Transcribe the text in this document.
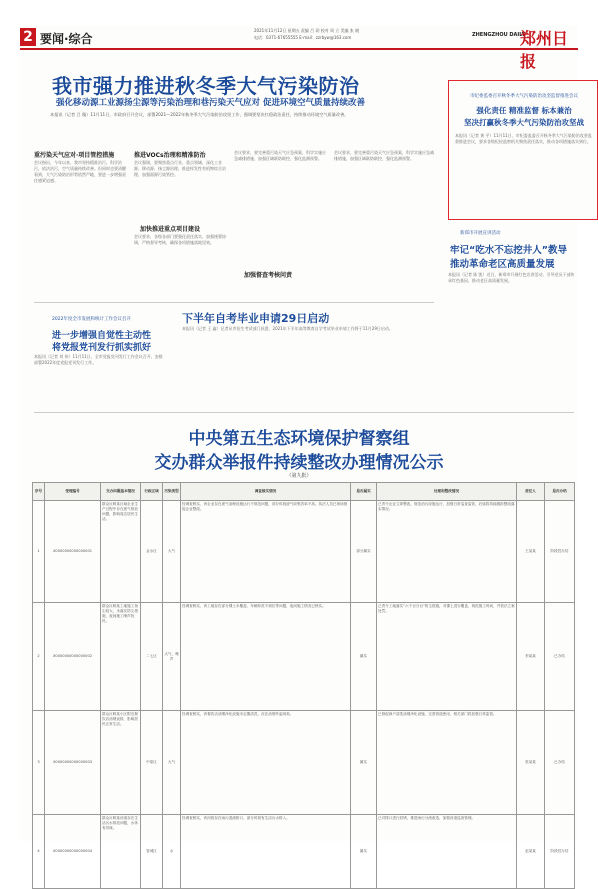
2 要闻·综合
2021年11月12日 星期五 责编 吕 玥 校对 周 立 美编 张 晓
电话：0371-67655555 E-mail：zzrbyw@163.com	ZHENGZHOU DAILY
郑州日报
我市强力推进秋冬季大气污染防治
强化移动源工业源扬尘源等污染治理和巷污染天气应对 促进环境空气质量持续改善
本报讯（记者 吕 璇）11月11日，市政府召开会议，部署2021—2022年秋冬季大气污染防治攻坚工作，强调要坚决扛稳政治责任，持续推动环境空气质量改善。
重污染天气应对·项目管控措施
会议指出，今年以来，我市坚持精准治污、科学治污、依法治污，空气质量持续改善。但同时也要清醒看到，大气污染防治形势依然严峻，要进一步增强责任感紧迫感。
推进VOCs治理和精准防治
会议强调，要聚焦重点行业、重点领域，深化工业源、移动源、扬尘源治理，推进挥发性有机物综合治理，加强面源污染管控。
加快推进重点项目建设
会议要求，各级各部门要强化责任落实，加强统筹协调，严格督导考核，确保各项措施落地见效。
会议要求，要完善重污染天气应急预案，科学实施应急减排措施，加强区域联防联控，强化监测预警。
加强督查考核问责
会议要求，要完善重污染天气应急预案，科学实施应急减排措施，加强区域联防联控，强化监测预警。
市纪委监委召开秋冬季大气污染防治攻坚监督推进会议
强化责任 精准监督 标本兼治
坚决打赢秋冬季大气污染防治攻坚战
本报讯（记者 黄 平）11月11日，市纪委监委召开秋冬季大气污染防治攻坚监督推进会议，要求各级纪检监察机关聚焦责任落实，推动各项措施落实到位。
新郑市开展宣讲活动
牢记“吃水不忘挖井人”教导
推动革命老区高质量发展
本报讯（记者 陈 凯）近日，新郑市开展红色宣讲活动，引导党员干部传承红色基因，推动老区高质量发展。
下半年自考毕业申请29日启动
本报讯（记者 王 鑫）记者从市招生考试部门获悉，2021年下半年高等教育自学考试毕业申请工作将于11月29日启动。
2022年度全市发展和统计工作会议召开
进一步增强自觉性主动性
将党报党刊发行抓实抓好
本报讯（记者 刘 伟）11月11日，全市党报党刊发行工作会议召开，安排部署2022年度党报党刊发行工作。
中央第五生态环境保护督察组
交办群众举报件持续整改办理情况公示
（第九批）
序号	受理编号	交办问题基本情况	行政区域	污染类型	调查核实情况	是否属实	处理和整改情况	责任人	是否办结
1	X0000000000000001	群众反映某区域企业生产过程中存在废气排放问题，影响周边居民生活。	金水区	大气	经调查核实，该企业存在废气治理设施运行不规范问题，部分时段废气收集效率不高。执法人员已现场督促企业整改。	部分属实	已责令企业立即整改，规范治污设施运行，加强日常巡查监管，后续将持续跟踪整改落实情况。	王某某	阶段性办结
2	X0000000000000002	群众反映某工地施工扬尘较大，未落实防尘措施，夜间施工噪声扰民。	二七区	大气、噪声	经调查核实，该工地存在部分裸土未覆盖、车辆冲洗不到位等问题，夜间施工情况已核实。	属实	已责令工地落实“六个百分百”防尘措施，对裸土进行覆盖，规范施工时间，并依法立案处罚。	李某某	已办结
3	X0000000000000003	群众反映某小区附近餐饮店油烟直排，影响居民正常生活。	中原区	大气	经调查核实，该餐饮店油烟净化设施未定期清洗，存在油烟外溢现象。	属实	已督促商户清洗油烟净化设施，完善管道密闭，相关部门将加强日常监管。	张某某	已办结
4	X0000000000000004	群众反映某河道存在生活污水排放问题，水体有异味。	管城区	水	经调查核实，该河段存在雨污混流排口，部分时段有生活污水排入。	属实	已对排口进行封堵，推进雨污分流改造，加强河道巡查管理。	赵某某	阶段性办结
